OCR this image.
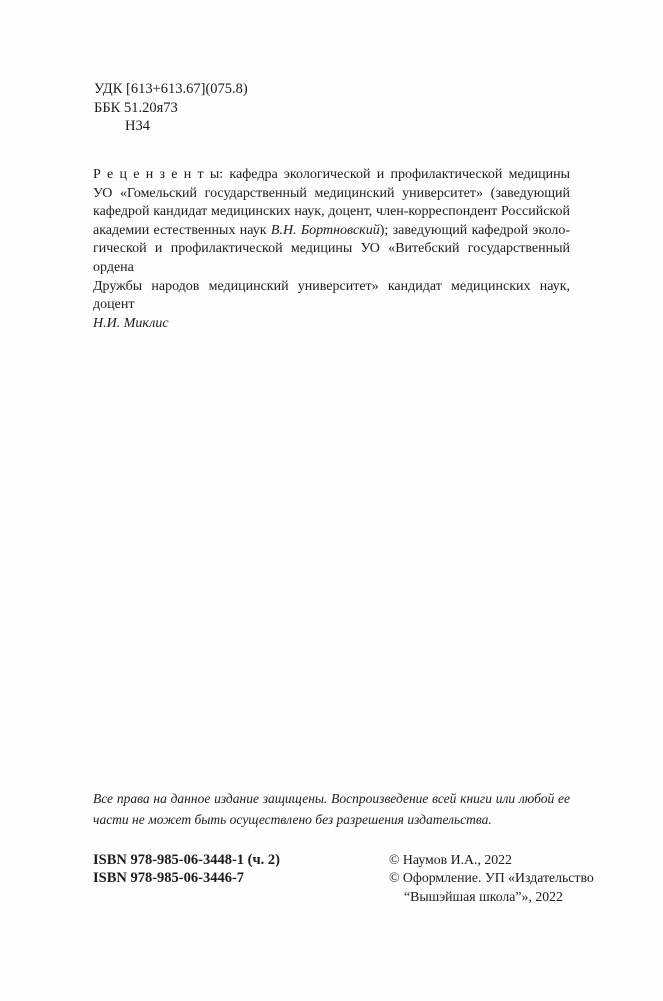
УДК [613+613.67](075.8)
ББК 51.20я73
Н34
Р е ц е н з е н т ы: кафедра экологической и профилактической медицины
УО «Гомельский государственный медицинский университет» (заведующий
кафедрой кандидат медицинских наук, доцент, член-корреспондент Российской
академии естественных наук В.Н. Бортновский); заведующий кафедрой эколо-
гической и профилактической медицины УО «Витебский государственный ордена
Дружбы народов медицинский университет» кандидат медицинских наук, доцент
Н.И. Миклис
Все права на данное издание защищены. Воспроизведение всей книги или любой ее
части не может быть осуществлено без разрешения издательства.
ISBN 978-985-06-3448-1 (ч. 2)
ISBN 978-985-06-3446-7
© Наумов И.А., 2022
© Оформление. УП «Издательство
“Вышэйшая школа”», 2022
